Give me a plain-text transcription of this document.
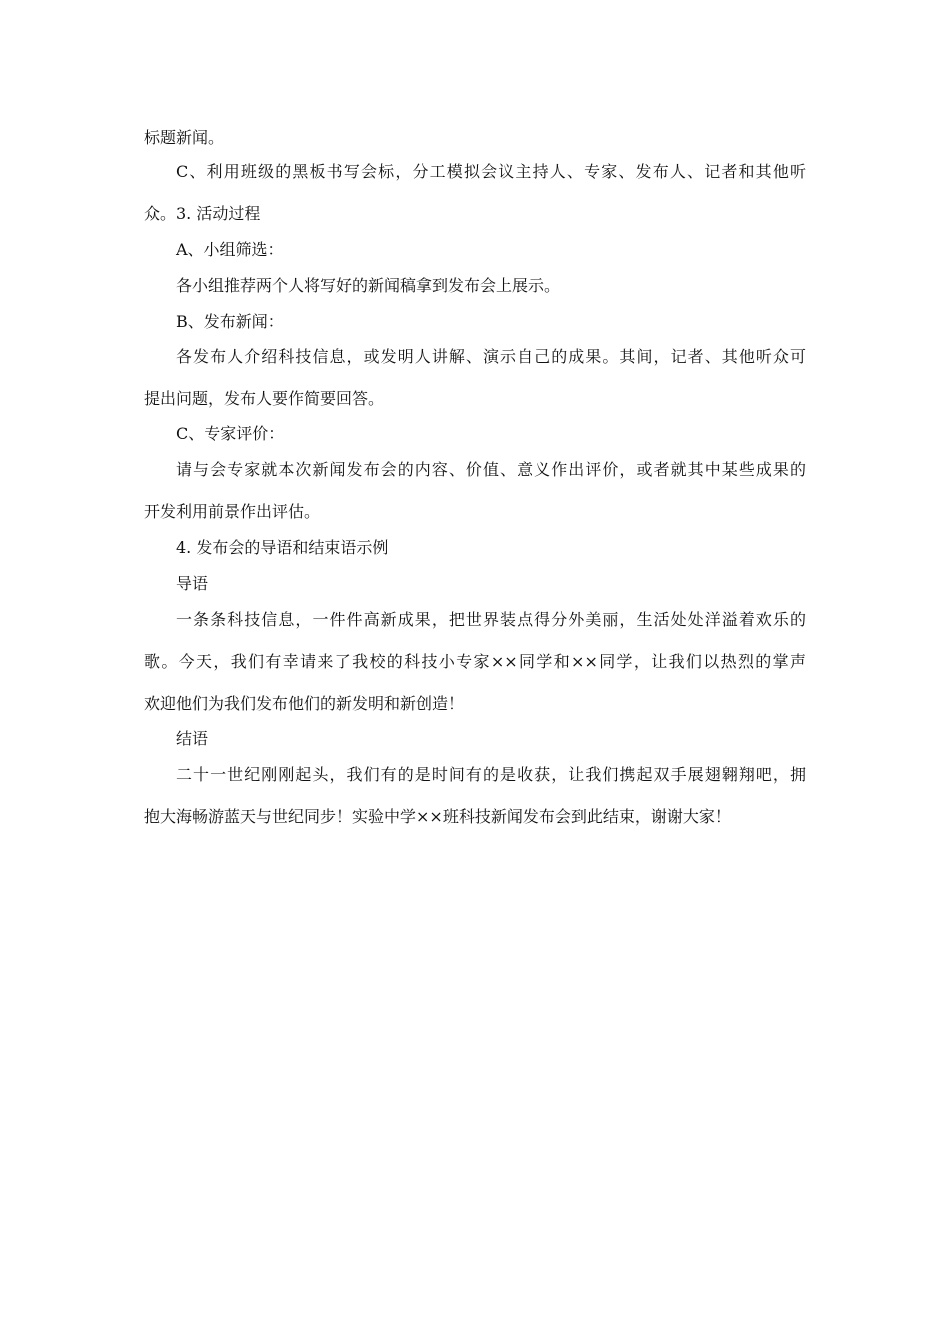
标题新闻。
C、利用班级的黑板书写会标，分工模拟会议主持人、专家、发布人、记者和其他听
众。3. 活动过程
A、小组筛选：
各小组推荐两个人将写好的新闻稿拿到发布会上展示。
B、发布新闻：
各发布人介绍科技信息，或发明人讲解、演示自己的成果。其间，记者、其他听众可
提出问题，发布人要作简要回答。
C、专家评价：
请与会专家就本次新闻发布会的内容、价值、意义作出评价，或者就其中某些成果的
开发利用前景作出评估。
4. 发布会的导语和结束语示例
导语
一条条科技信息，一件件高新成果，把世界装点得分外美丽，生活处处洋溢着欢乐的
歌。今天，我们有幸请来了我校的科技小专家××同学和××同学，让我们以热烈的掌声
欢迎他们为我们发布他们的新发明和新创造！
结语
二十一世纪刚刚起头，我们有的是时间有的是收获，让我们携起双手展翅翱翔吧，拥
抱大海畅游蓝天与世纪同步！实验中学××班科技新闻发布会到此结束，谢谢大家！
